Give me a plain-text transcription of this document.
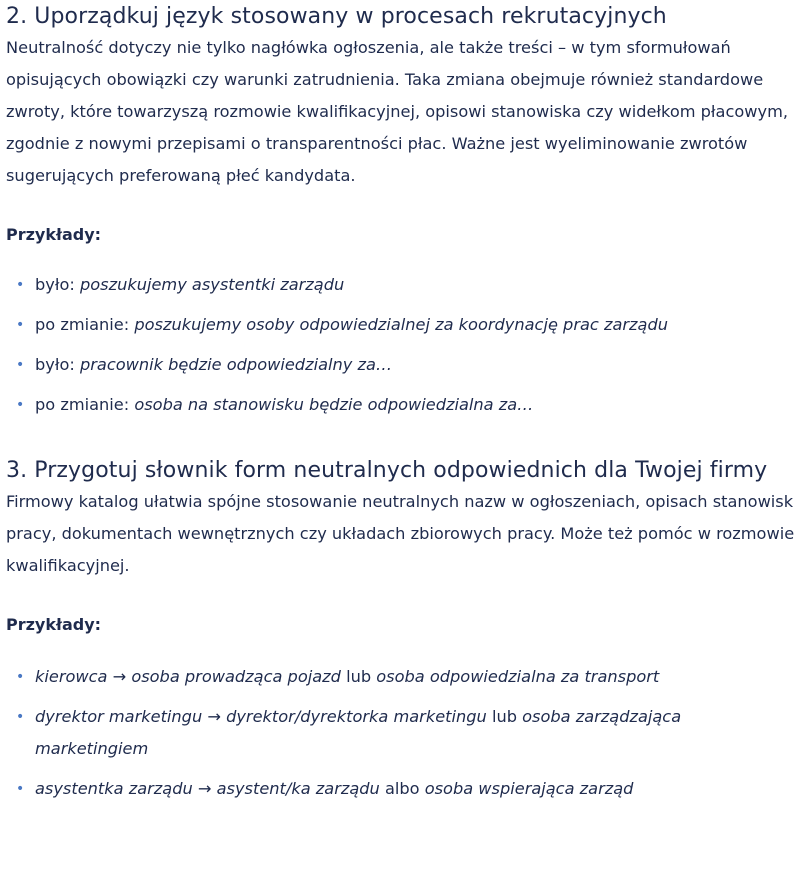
2. Uporządkuj język stosowany w procesach rekrutacyjnych

Neutralność dotyczy nie tylko nagłówka ogłoszenia, ale także treści – w tym sformułowań opisujących obowiązki czy warunki zatrudnienia. Taka zmiana obejmuje również standardowe zwroty, które towarzyszą rozmowie kwalifikacyjnej, opisowi stanowiska czy widełkom płacowym, zgodnie z nowymi przepisami o transparentności płac. Ważne jest wyeliminowanie zwrotów sugerujących preferowaną płeć kandydata.

Przykłady:

• było: poszukujemy asystentki zarządu
• po zmianie: poszukujemy osoby odpowiedzialnej za koordynację prac zarządu
• było: pracownik będzie odpowiedzialny za…
• po zmianie: osoba na stanowisku będzie odpowiedzialna za…
3. Przygotuj słownik form neutralnych odpowiednich dla Twojej firmy

Firmowy katalog ułatwia spójne stosowanie neutralnych nazw w ogłoszeniach, opisach stanowisk pracy, dokumentach wewnętrznych czy układach zbiorowych pracy. Może też pomóc w rozmowie kwalifikacyjnej.

Przykłady:

• kierowca → osoba prowadząca pojazd lub osoba odpowiedzialna za transport
• dyrektor marketingu → dyrektor/dyrektorka marketingu lub osoba zarządzająca marketingiem
• asystentka zarządu → asystent/ka zarządu albo osoba wspierająca zarząd
